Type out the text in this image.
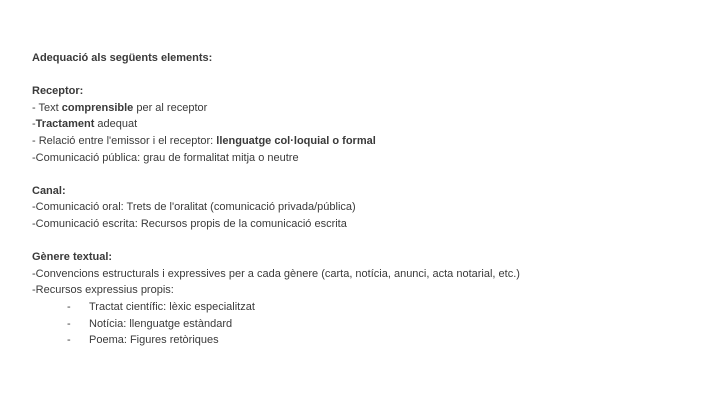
Adequació als següents elements:
Receptor:
- Text comprensible per al receptor
-Tractament adequat
- Relació entre l'emissor i el receptor: llenguatge col·loquial o formal
-Comunicació pública: grau de formalitat mitja o neutre
Canal:
-Comunicació oral: Trets de l'oralitat (comunicació privada/pública)
-Comunicació escrita: Recursos propis de la comunicació escrita
Gènere textual:
-Convencions estructurals i expressives per a cada gènere (carta, notícia, anunci, acta notarial, etc.)
-Recursos expressius propis:
- Tractat científic: lèxic especialitzat
- Notícia: llenguatge estàndard
- Poema: Figures retòriques
